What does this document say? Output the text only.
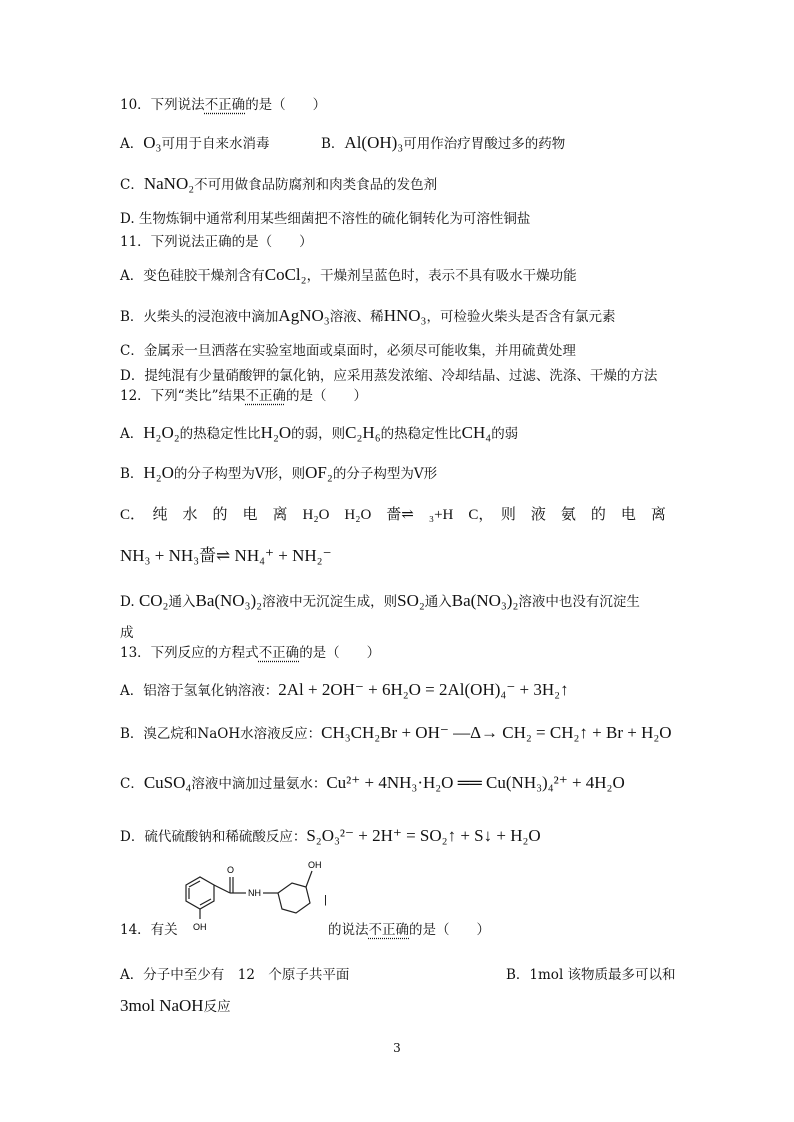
10．下列说法不正确的是（　　）
A．O₃可用于自来水消毒	B．Al(OH)₃可用作治疗胃酸过多的药物
C．NaNO₂不可用做食品防腐剂和肉类食品的发色剂
D. 生物炼铜中通常利用某些细菌把不溶性的硫化铜转化为可溶性铜盐
11．下列说法正确的是（　　）
A．变色硅胶干燥剂含有CoCl₂，干燥剂呈蓝色时，表示不具有吸水干燥功能
B．火柴头的浸泡液中滴加AgNO₃溶液、稀HNO₃，可检验火柴头是否含有氯元素
C．金属汞一旦洒落在实验室地面或桌面时，必须尽可能收集，并用硫黄处理
D．提纯混有少量硝酸钾的氯化钠，应采用蒸发浓缩、冷却结晶、过滤、洗涤、干燥的方法
12．下列“类比”结果不正确的是（　　）
A．H₂O₂的热稳定性比H₂O的弱，则C₂H₆的热稳定性比CH₄的弱
B．H₂O的分子构型为V形，则OF₂的分子构型为V形
C．　纯　水　的　电　离　H₂O　H₂O　嗇⇌　₃+H　C，　则　液　氨　的　电　离
NH₃ + NH₃嗇⇌ NH₄⁺ + NH₂⁻
D. CO₂通入Ba(NO₃)₂溶液中无沉淀生成，则SO₂通入Ba(NO₃)₂溶液中也没有沉淀生
成
13．下列反应的方程式不正确的是（　　）
A．铝溶于氢氧化钠溶液：2Al + 2OH⁻ + 6H₂O = 2Al(OH)₄⁻ + 3H₂↑
B．溴乙烷和NaOH水溶液反应：CH₃CH₂Br + OH⁻ ―Δ→ CH₂ = CH₂↑ + Br + H₂O
C．CuSO₄溶液中滴加过量氨水：Cu²⁺ + 4NH₃·H₂O ══ Cu(NH₃)₄²⁺ + 4H₂O
D．硫代硫酸钠和稀硫酸反应：S₂O₃²⁻ + 2H⁺ = SO₂↑ + S↓ + H₂O
O
NH
OH
OH
|
14．有关	的说法不正确的是（　　）
A．分子中至少有　12　个原子共平面	B．1mol 该物质最多可以和
3mol NaOH反应
3
